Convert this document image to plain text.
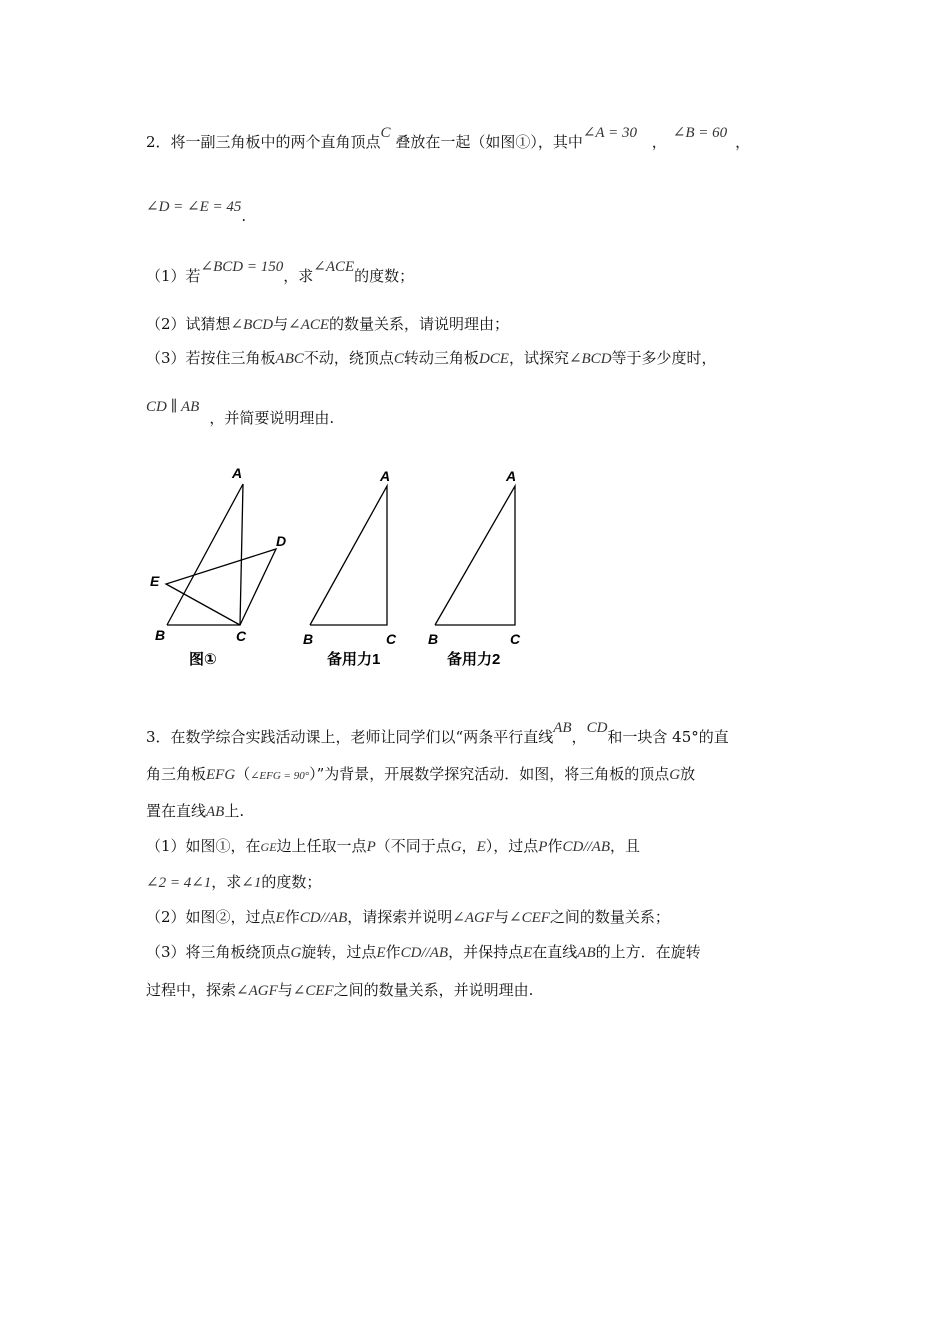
2．将一副三角板中的两个直角顶点C 叠放在一起（如图①），其中∠A = 30 ， ∠B = 60 ，
∠D = ∠E = 45.
（1）若∠BCD = 150，求∠ACE的度数；
（2）试猜想∠BCD与∠ACE的数量关系，请说明理由；
（3）若按住三角板ABC不动，绕顶点C转动三角板DCE，试探究∠BCD等于多少度时，
CD ∥ AB，并简要说明理由.
A
B	C
D
E
A
B	C
A
B	C
图①	备用力1	备用力2
3．在数学综合实践活动课上，老师让同学们以“两条平行直线AB，CD和一块含 45°的直
角三角板EFG（∠EFG = 90°）”为背景，开展数学探究活动．如图，将三角板的顶点G放
置在直线AB上.
（1）如图①，在GE边上任取一点P（不同于点G，E），过点P作CD//AB，且
∠2 = 4∠1，求∠1的度数；
（2）如图②，过点E作CD//AB，请探索并说明∠AGF与∠CEF之间的数量关系；
（3）将三角板绕顶点G旋转，过点E作CD//AB，并保持点E在直线AB的上方．在旋转
过程中，探索∠AGF与∠CEF之间的数量关系，并说明理由.
